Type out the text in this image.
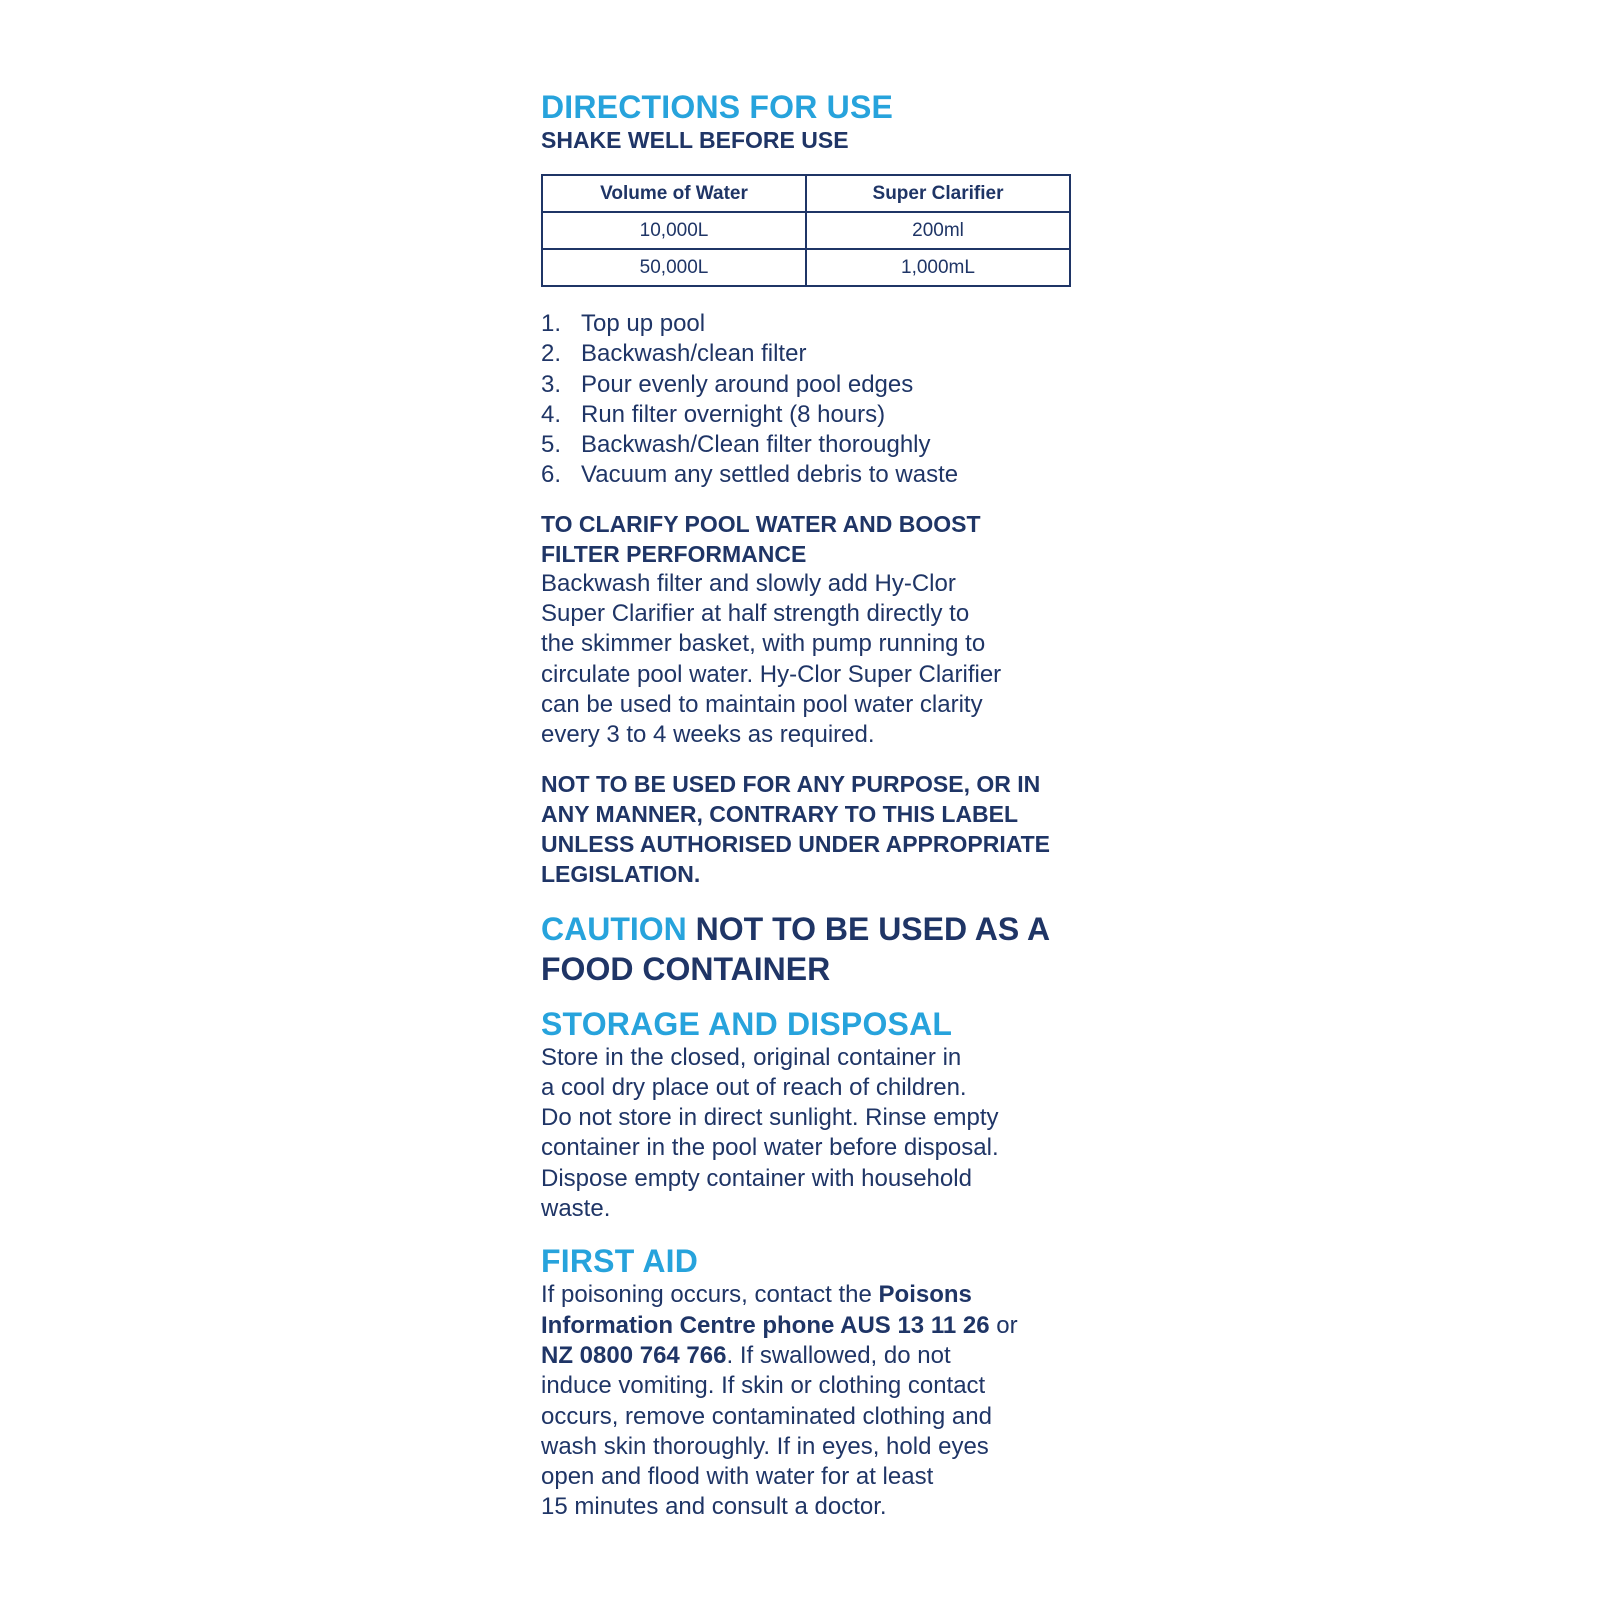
DIRECTIONS FOR USE

SHAKE WELL BEFORE USE

Volume of Water	Super Clarifier
10,000L	200ml
50,000L	1,000mL
1. Top up pool
2. Backwash/clean filter
3. Pour evenly around pool edges
4. Run filter overnight (8 hours)
5. Backwash/Clean filter thoroughly
6. Vacuum any settled debris to waste

TO CLARIFY POOL WATER AND BOOST

FILTER PERFORMANCE

Backwash filter and slowly add Hy-Clor

Super Clarifier at half strength directly to

the skimmer basket, with pump running to

circulate pool water. Hy-Clor Super Clarifier

can be used to maintain pool water clarity

every 3 to 4 weeks as required.

NOT TO BE USED FOR ANY PURPOSE, OR IN

ANY MANNER, CONTRARY TO THIS LABEL

UNLESS AUTHORISED UNDER APPROPRIATE

LEGISLATION.

CAUTION NOT TO BE USED AS A

FOOD CONTAINER

STORAGE AND DISPOSAL

Store in the closed, original container in

a cool dry place out of reach of children.

Do not store in direct sunlight. Rinse empty

container in the pool water before disposal.

Dispose empty container with household

waste.

FIRST AID

If poisoning occurs, contact the Poisons

Information Centre phone AUS 13 11 26 or

NZ 0800 764 766. If swallowed, do not

induce vomiting. If skin or clothing contact

occurs, remove contaminated clothing and

wash skin thoroughly. If in eyes, hold eyes

open and flood with water for at least

15 minutes and consult a doctor.
